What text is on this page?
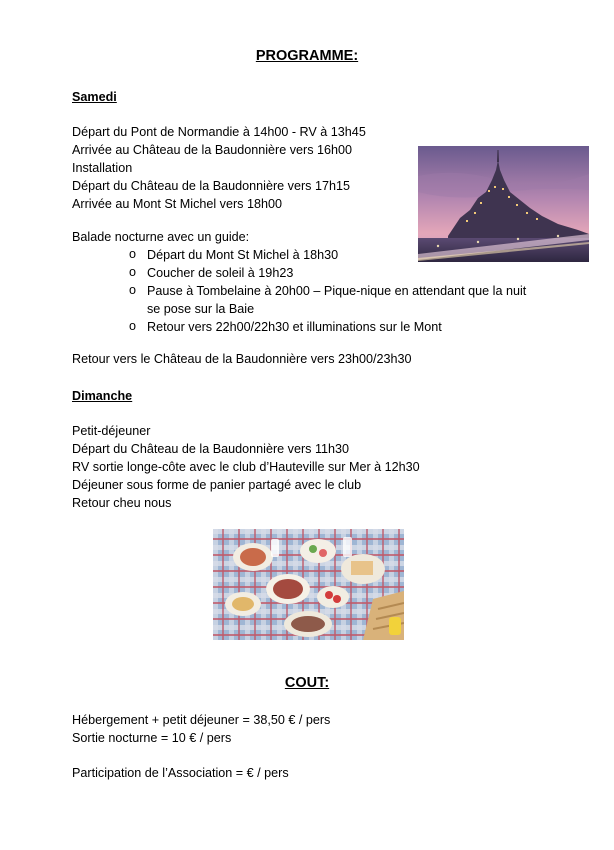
PROGRAMME:
Samedi
Départ du Pont de Normandie à 14h00 - RV à 13h45
Arrivée au Château de la Baudonnière vers 16h00
Installation
Départ du Château de la Baudonnière vers 17h15
Arrivée au Mont St Michel vers 18h00
Balade nocturne avec un guide:
o Départ du Mont St Michel à 18h30
o Coucher de soleil à 19h23
o Pause à Tombelaine à 20h00 – Pique-nique en attendant que la nuit se pose sur la Baie
o Retour vers 22h00/22h30 et illuminations sur le Mont
Retour vers le Château de la Baudonnière vers 23h00/23h30
Dimanche
Petit-déjeuner
Départ du Château de la Baudonnière vers 11h30
RV sortie longe-côte avec le club d’Hauteville sur Mer à 12h30
Déjeuner sous forme de panier partagé avec le club
Retour cheu nous
COUT:
Hébergement + petit déjeuner = 38,50 € / pers
Sortie nocturne = 10 € / pers
Participation de l’Association = € / pers
